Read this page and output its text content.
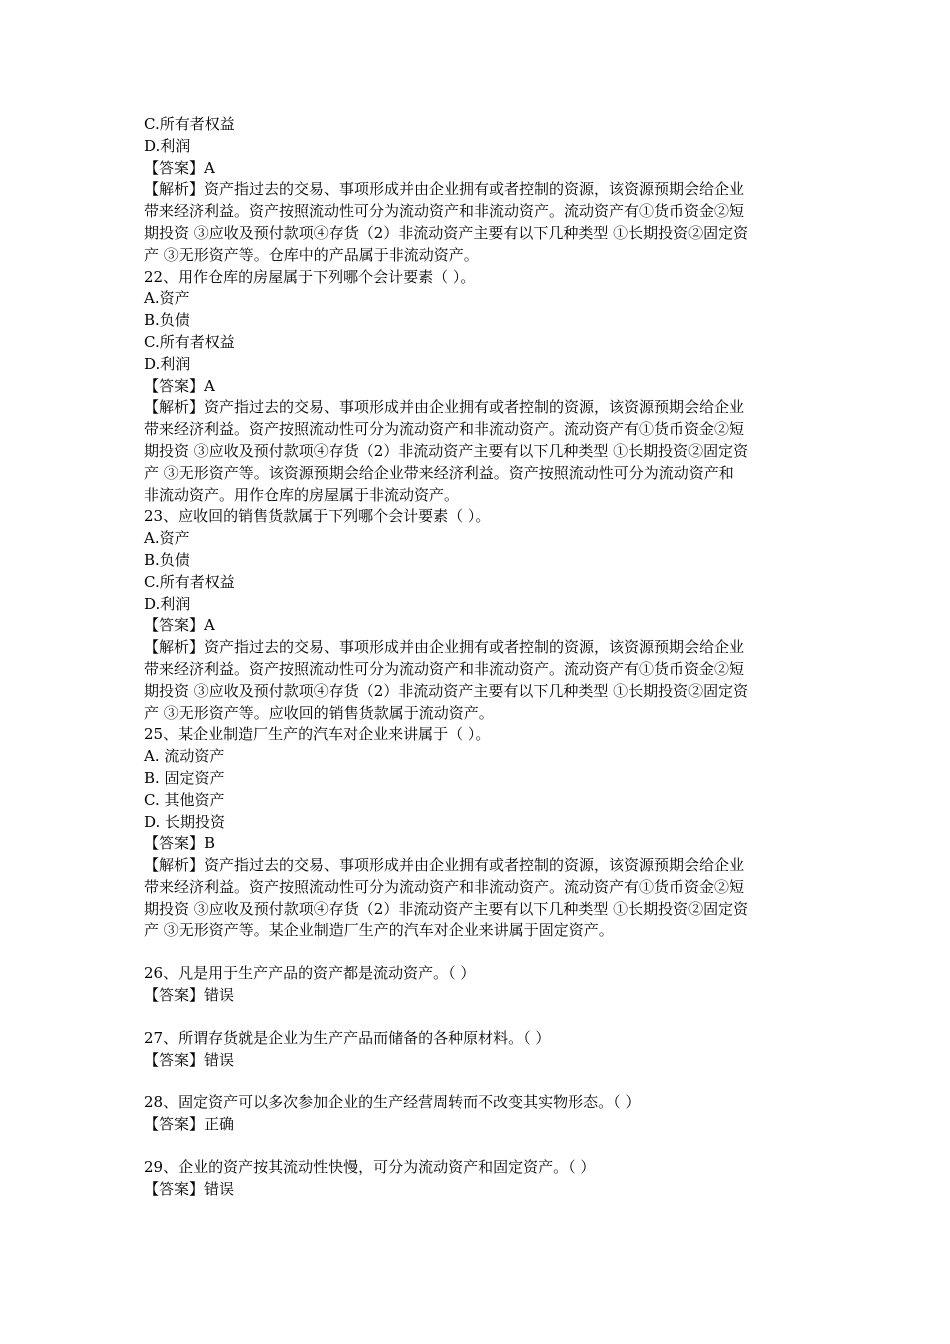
C.所有者权益
D.利润
【答案】A
【解析】资产指过去的交易、事项形成并由企业拥有或者控制的资源，该资源预期会给企业
带来经济利益。资产按照流动性可分为流动资产和非流动资产。流动资产有①货币资金②短
期投资 ③应收及预付款项④存货（2）非流动资产主要有以下几种类型 ①长期投资②固定资
产 ③无形资产等。仓库中的产品属于非流动资产。
22、用作仓库的房屋属于下列哪个会计要素（ ）。
A.资产
B.负债
C.所有者权益
D.利润
【答案】A
【解析】资产指过去的交易、事项形成并由企业拥有或者控制的资源，该资源预期会给企业
带来经济利益。资产按照流动性可分为流动资产和非流动资产。流动资产有①货币资金②短
期投资 ③应收及预付款项④存货（2）非流动资产主要有以下几种类型 ①长期投资②固定资
产 ③无形资产等。该资源预期会给企业带来经济利益。资产按照流动性可分为流动资产和
非流动资产。用作仓库的房屋属于非流动资产。
23、应收回的销售货款属于下列哪个会计要素（ ）。
A.资产
B.负债
C.所有者权益
D.利润
【答案】A
【解析】资产指过去的交易、事项形成并由企业拥有或者控制的资源，该资源预期会给企业
带来经济利益。资产按照流动性可分为流动资产和非流动资产。流动资产有①货币资金②短
期投资 ③应收及预付款项④存货（2）非流动资产主要有以下几种类型 ①长期投资②固定资
产 ③无形资产等。应收回的销售货款属于流动资产。
25、某企业制造厂生产的汽车对企业来讲属于（ ）。
A. 流动资产
B. 固定资产
C. 其他资产
D. 长期投资
【答案】B
【解析】资产指过去的交易、事项形成并由企业拥有或者控制的资源，该资源预期会给企业
带来经济利益。资产按照流动性可分为流动资产和非流动资产。流动资产有①货币资金②短
期投资 ③应收及预付款项④存货（2）非流动资产主要有以下几种类型 ①长期投资②固定资
产 ③无形资产等。某企业制造厂生产的汽车对企业来讲属于固定资产。
26、凡是用于生产产品的资产都是流动资产。（ ）
【答案】错误
27、所谓存货就是企业为生产产品而储备的各种原材料。（ ）
【答案】错误
28、固定资产可以多次参加企业的生产经营周转而不改变其实物形态。（ ）
【答案】正确
29、企业的资产按其流动性快慢，可分为流动资产和固定资产。（ ）
【答案】错误
